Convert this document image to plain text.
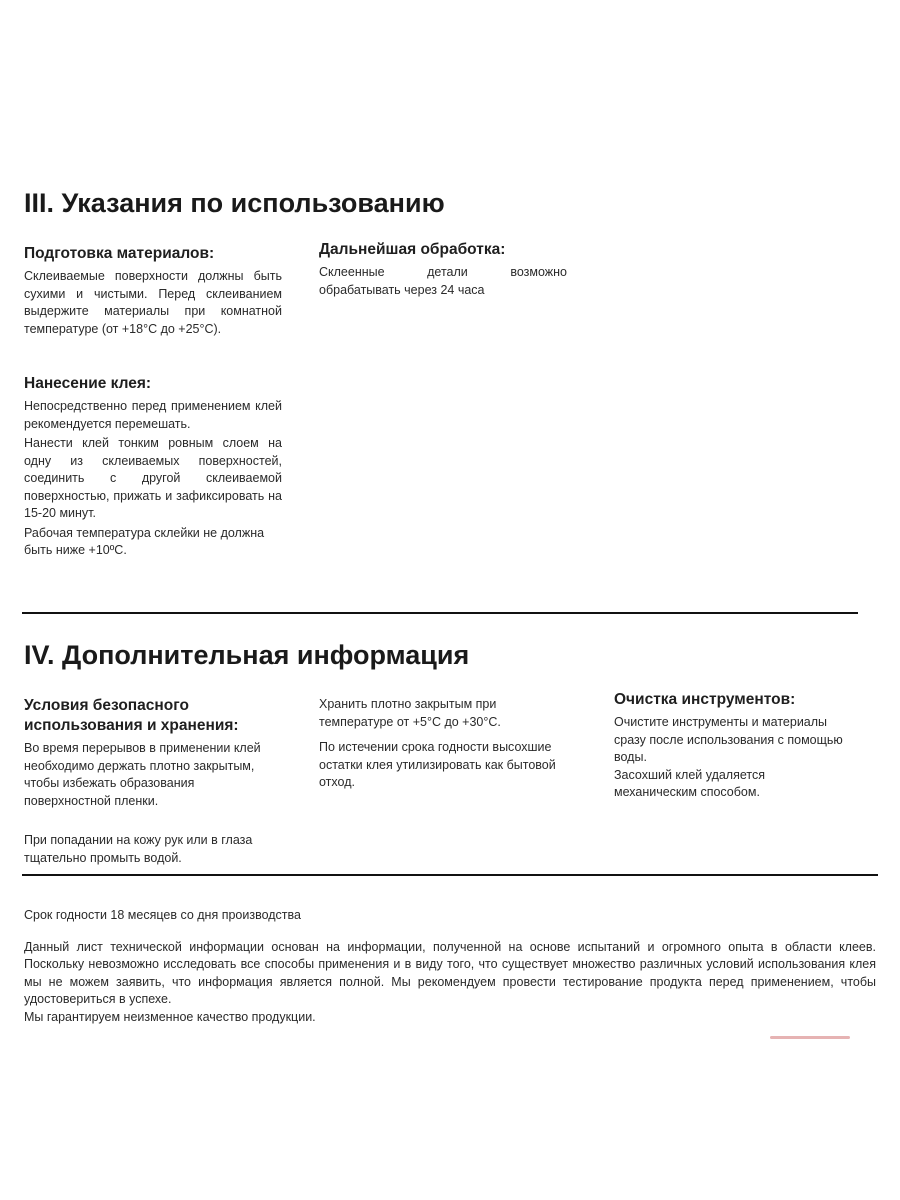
III. Указания по использованию
Подготовка материалов:

Склеиваемые поверхности должны быть сухими и чистыми. Перед склеиванием выдержите материалы при комнатной температуре (от +18°С до +25°С).

Нанесение клея:

Непосредственно перед применением клей рекомендуется перемешать.

Нанести клей тонким ровным слоем на одну из склеиваемых поверхностей, соединить с другой склеиваемой поверхностью, прижать и зафиксировать на 15-20 минут.

Рабочая температура склейки не должна быть ниже +10ºС.

Дальнейшая обработка:

Склеенные детали возможно обрабатывать через 24 часа

IV. Дополнительная информация
Условия безопасного использования и хранения:

Во время перерывов в применении клей необходимо держать плотно закрытым, чтобы избежать образования поверхностной пленки.

При попадании на кожу рук или в глаза тщательно промыть водой.

Хранить плотно закрытым при температуре от +5°С до +30°С.

По истечении срока годности высохшие остатки клея утилизировать как бытовой отход.

Очистка инструментов:

Очистите инструменты и материалы сразу после использования с помощью воды.

Засохший клей удаляется механическим способом.

Срок годности 18 месяцев со дня производства

Данный лист технической информации основан на информации, полученной на основе испытаний и огромного опыта в области клеев. Поскольку невозможно исследовать все способы применения и в виду того, что существует множество различных условий использования клея мы не можем заявить, что информация является полной. Мы рекомендуем провести тестирование продукта перед применением, чтобы удостовериться в успехе.

Мы гарантируем неизменное качество продукции.
